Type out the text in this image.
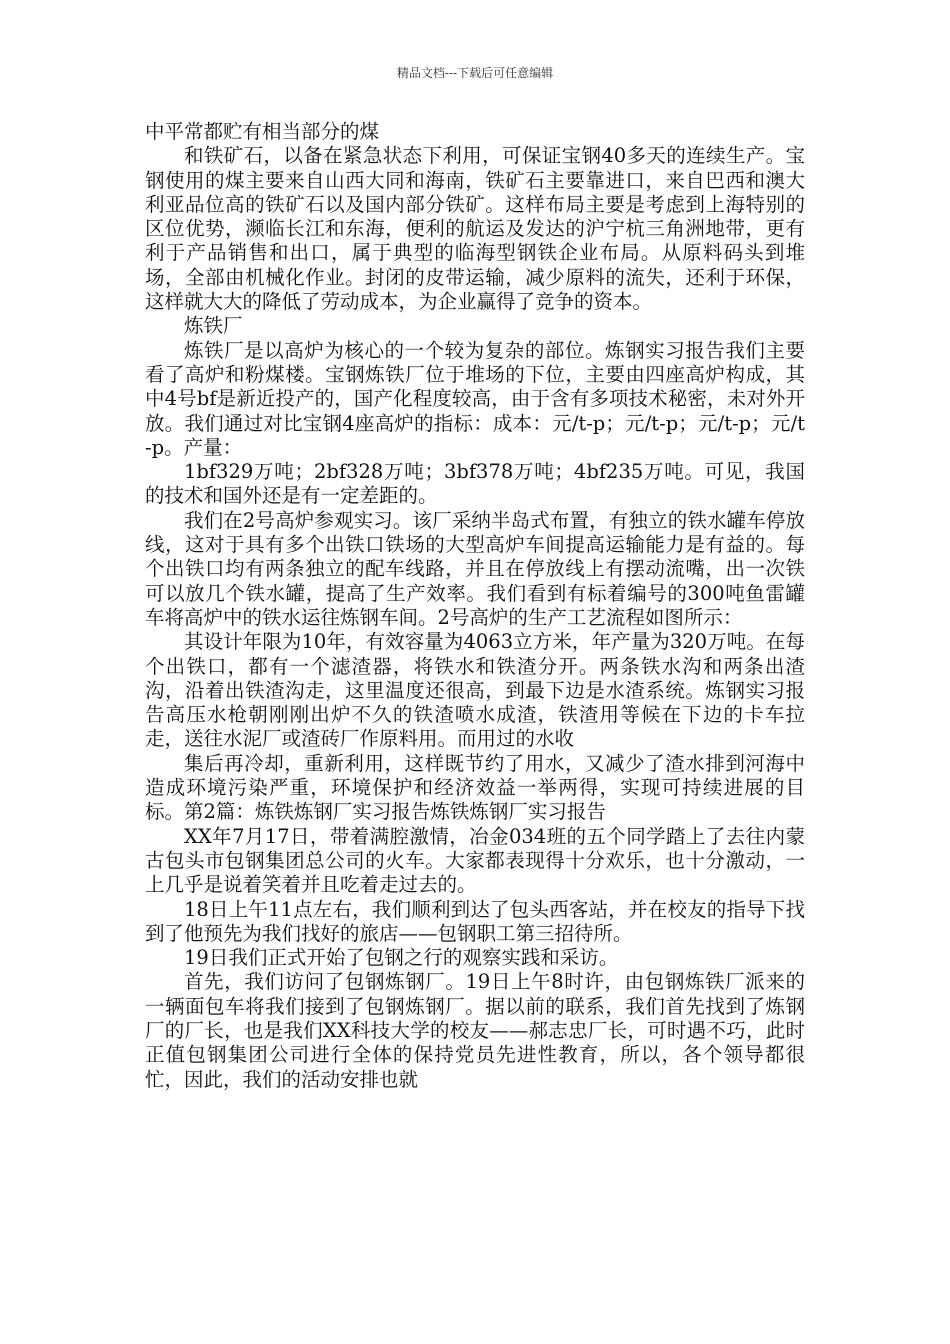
精品文档---下载后可任意编辑

中平常都贮有相当部分的煤

和铁矿石，以备在紧急状态下利用，可保证宝钢40多天的连续生产。宝钢使用的煤主要来自山西大同和海南，铁矿石主要靠进口，来自巴西和澳大利亚品位高的铁矿石以及国内部分铁矿。这样布局主要是考虑到上海特别的区位优势，濒临长江和东海，便利的航运及发达的沪宁杭三角洲地带，更有利于产品销售和出口，属于典型的临海型钢铁企业布局。从原料码头到堆场，全部由机械化作业。封闭的皮带运输，减少原料的流失，还利于环保，这样就大大的降低了劳动成本，为企业赢得了竞争的资本。

炼铁厂

炼铁厂是以高炉为核心的一个较为复杂的部位。炼钢实习报告我们主要看了高炉和粉煤楼。宝钢炼铁厂位于堆场的下位，主要由四座高炉构成，其中4号bf是新近投产的，国产化程度较高，由于含有多项技术秘密，未对外开放。我们通过对比宝钢4座高炉的指标：成本：元/t-p；元/t-p；元/t-p；元/t-p。产量：

1bf329万吨；2bf328万吨；3bf378万吨；4bf235万吨。可见，我国的技术和国外还是有一定差距的。

我们在2号高炉参观实习。该厂采纳半岛式布置，有独立的铁水罐车停放线，这对于具有多个出铁口铁场的大型高炉车间提高运输能力是有益的。每个出铁口均有两条独立的配车线路，并且在停放线上有摆动流嘴，出一次铁可以放几个铁水罐，提高了生产效率。我们看到有标着编号的300吨鱼雷罐车将高炉中的铁水运往炼钢车间。2号高炉的生产工艺流程如图所示：

其设计年限为10年，有效容量为4063立方米，年产量为320万吨。在每个出铁口，都有一个滤渣器，将铁水和铁渣分开。两条铁水沟和两条出渣沟，沿着出铁渣沟走，这里温度还很高，到最下边是水渣系统。炼钢实习报告高压水枪朝刚刚出炉不久的铁渣喷水成渣，铁渣用等候在下边的卡车拉走，送往水泥厂或渣砖厂作原料用。而用过的水收

集后再冷却，重新利用，这样既节约了用水，又减少了渣水排到河海中造成环境污染严重，环境保护和经济效益一举两得，实现可持续进展的目标。第2篇：炼铁炼钢厂实习报告炼铁炼钢厂实习报告

XX年7月17日，带着满腔激情，冶金034班的五个同学踏上了去往内蒙古包头市包钢集团总公司的火车。大家都表现得十分欢乐，也十分激动，一上几乎是说着笑着并且吃着走过去的。

18日上午11点左右，我们顺利到达了包头西客站，并在校友的指导下找到了他预先为我们找好的旅店——包钢职工第三招待所。

19日我们正式开始了包钢之行的观察实践和采访。

首先，我们访问了包钢炼钢厂。19日上午8时许，由包钢炼铁厂派来的一辆面包车将我们接到了包钢炼钢厂。据以前的联系，我们首先找到了炼钢厂的厂长，也是我们XX科技大学的校友——郝志忠厂长，可时遇不巧，此时正值包钢集团公司进行全体的保持党员先进性教育，所以，各个领导都很忙，因此，我们的活动安排也就
